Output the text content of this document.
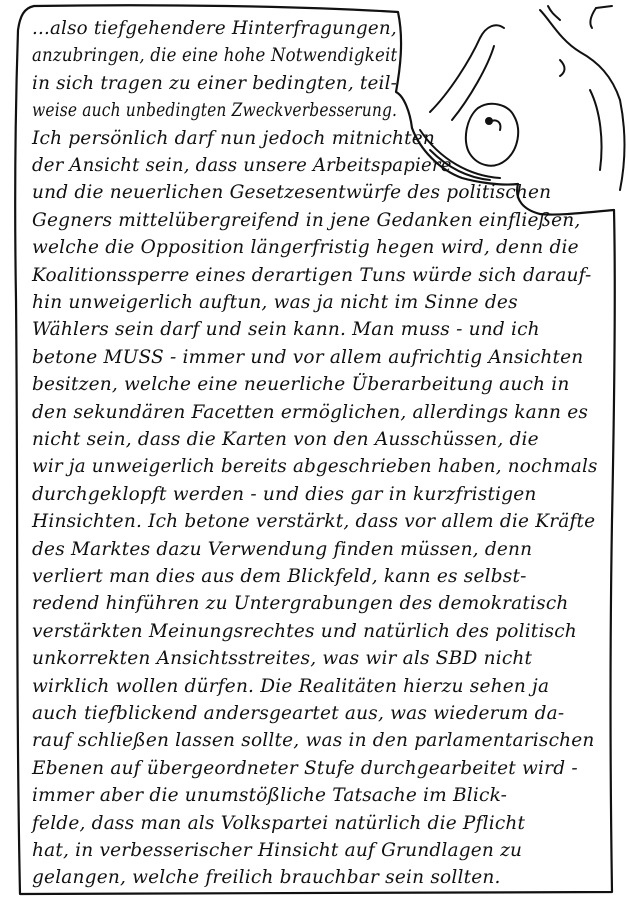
...also tiefgehendere Hinterfragungen,
anzubringen, die eine hohe Notwendigkeit
in sich tragen zu einer bedingten, teil-
weise auch unbedingten Zweckverbesserung.
Ich persönlich darf nun jedoch mitnichten
der Ansicht sein, dass unsere Arbeitspapiere
und die neuerlichen Gesetzesentwürfe des politischen
Gegners mittelübergreifend in jene Gedanken einfließen,
welche die Opposition längerfristig hegen wird, denn die
Koalitionssperre eines derartigen Tuns würde sich darauf-
hin unweigerlich auftun, was ja nicht im Sinne des
Wählers sein darf und sein kann. Man muss - und ich
betone MUSS - immer und vor allem aufrichtig Ansichten
besitzen, welche eine neuerliche Überarbeitung auch in
den sekundären Facetten ermöglichen, allerdings kann es
nicht sein, dass die Karten von den Ausschüssen, die
wir ja unweigerlich bereits abgeschrieben haben, nochmals
durchgeklopft werden - und dies gar in kurzfristigen
Hinsichten. Ich betone verstärkt, dass vor allem die Kräfte
des Marktes dazu Verwendung finden müssen, denn
verliert man dies aus dem Blickfeld, kann es selbst-
redend hinführen zu Untergrabungen des demokratisch
verstärkten Meinungsrechtes und natürlich des politisch
unkorrekten Ansichtsstreites, was wir als SBD nicht
wirklich wollen dürfen. Die Realitäten hierzu sehen ja
auch tiefblickend andersgeartet aus, was wiederum da-
rauf schließen lassen sollte, was in den parlamentarischen
Ebenen auf übergeordneter Stufe durchgearbeitet wird -
immer aber die unumstößliche Tatsache im Blick-
felde, dass man als Volkspartei natürlich die Pflicht
hat, in verbesserischer Hinsicht auf Grundlagen zu
gelangen, welche freilich brauchbar sein sollten.
